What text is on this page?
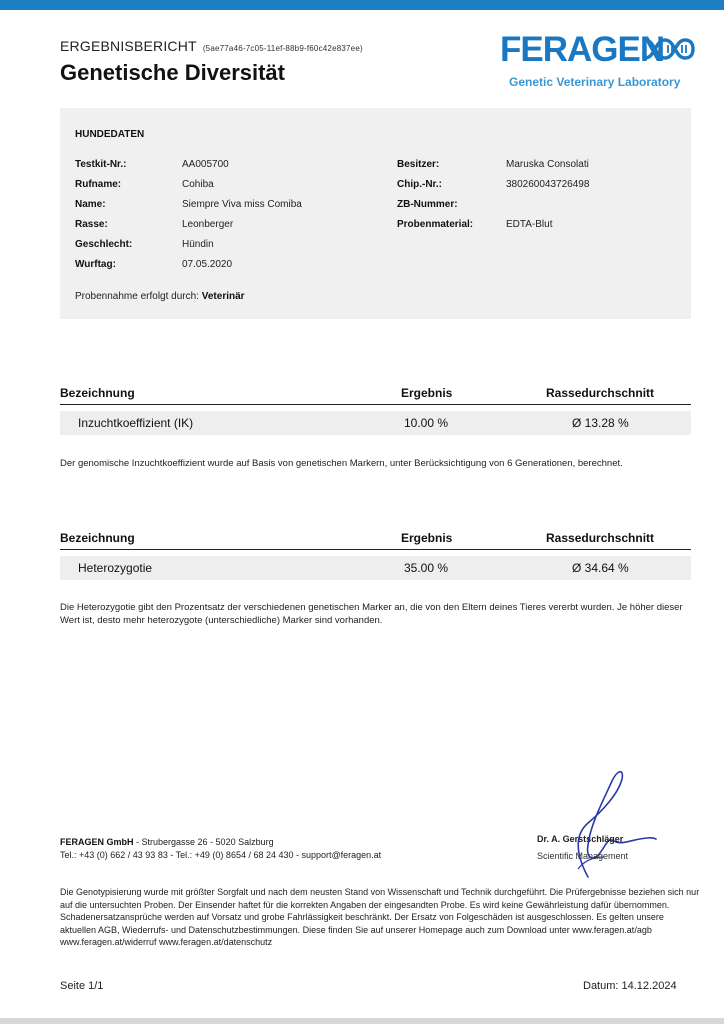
ERGEBNISBERICHT (5ae77a46-7c05-11ef-88b9-f60c42e837ee)
Genetische Diversität
FERAGEN
Genetic Veterinary Laboratory
HUNDEDATEN
Testkit-Nr.:	AA005700
Rufname:	Cohiba
Name:	Siempre Viva miss Comiba
Rasse:	Leonberger
Geschlecht:	Hündin
Wurftag:	07.05.2020
Besitzer:	Maruska Consolati
Chip.-Nr.:	380260043726498
ZB-Nummer:
Probenmaterial:	EDTA-Blut
Probennahme erfolgt durch: Veterinär
Bezeichnung	Ergebnis	Rassedurchschnitt
Inzuchtkoeffizient (IK)	10.00 %	Ø 13.28 %
Der genomische Inzuchtkoeffizient wurde auf Basis von genetischen Markern, unter Berücksichtigung von 6 Generationen, berechnet.
Bezeichnung	Ergebnis	Rassedurchschnitt
Heterozygotie	35.00 %	Ø 34.64 %
Die Heterozygotie gibt den Prozentsatz der verschiedenen genetischen Marker an, die von den Eltern deines Tieres vererbt wurden. Je höher dieser Wert ist, desto mehr heterozygote (unterschiedliche) Marker sind vorhanden.
FERAGEN GmbH - Strubergasse 26 - 5020 Salzburg
Tel.: +43 (0) 662 / 43 93 83 - Tel.: +49 (0) 8654 / 68 24 430 - support@feragen.at
Dr. A. Gerstschläger
Scientific Management
Die Genotypisierung wurde mit größter Sorgfalt und nach dem neusten Stand von Wissenschaft und Technik durchgeführt. Die Prüfergebnisse beziehen sich nur auf die untersuchten Proben. Der Einsender haftet für die korrekten Angaben der eingesandten Probe. Es wird keine Gewährleistung dafür übernommen. Schadenersatzansprüche werden auf Vorsatz und grobe Fahrlässigkeit beschränkt. Der Ersatz von Folgeschäden ist ausgeschlossen. Es gelten unsere aktuellen AGB, Wiederrufs- und Datenschutzbestimmungen. Diese finden Sie auf unserer Homepage auch zum Download unter www.feragen.at/agb www.feragen.at/widerruf www.feragen.at/datenschutz
Seite 1/1	Datum: 14.12.2024
